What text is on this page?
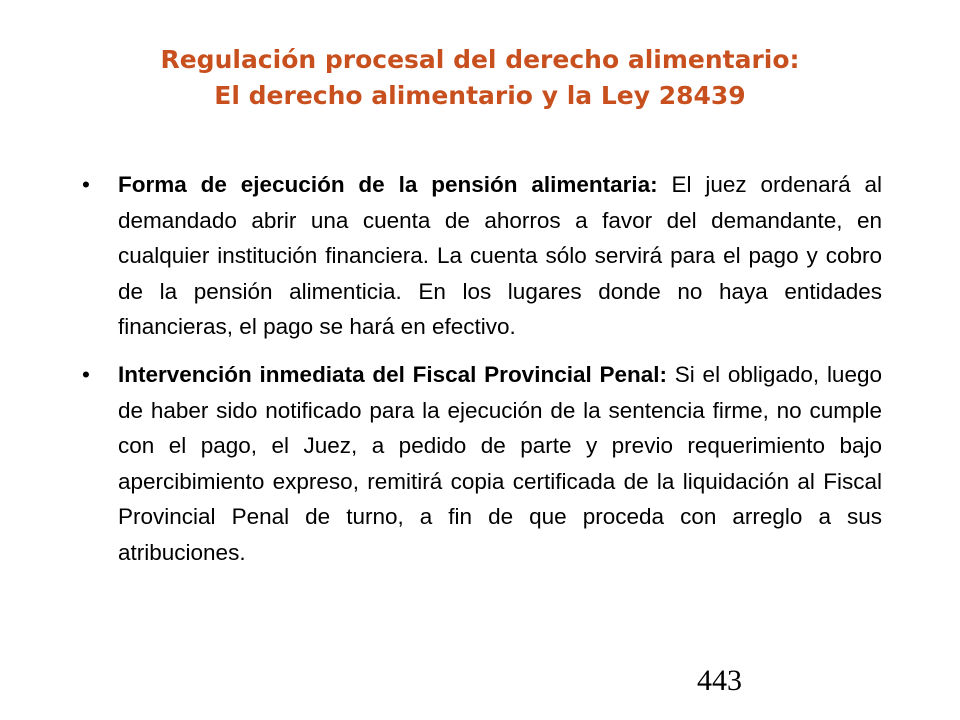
Regulación procesal del derecho alimentario:
El derecho alimentario y la Ley 28439
•	Forma de ejecución de la pensión alimentaria: El juez ordenará al demandado abrir una cuenta de ahorros a favor del demandante, en cualquier institución financiera. La cuenta sólo servirá para el pago y cobro de la pensión alimenticia. En los lugares donde no haya entidades financieras, el pago se hará en efectivo.
•	Intervención inmediata del Fiscal Provincial Penal: Si el obligado, luego de haber sido notificado para la ejecución de la sentencia firme, no cumple con el pago, el Juez, a pedido de parte y previo requerimiento bajo apercibimiento expreso, remitirá copia certificada de la liquidación al Fiscal Provincial Penal de turno, a fin de que proceda con arreglo a sus atribuciones.
443
